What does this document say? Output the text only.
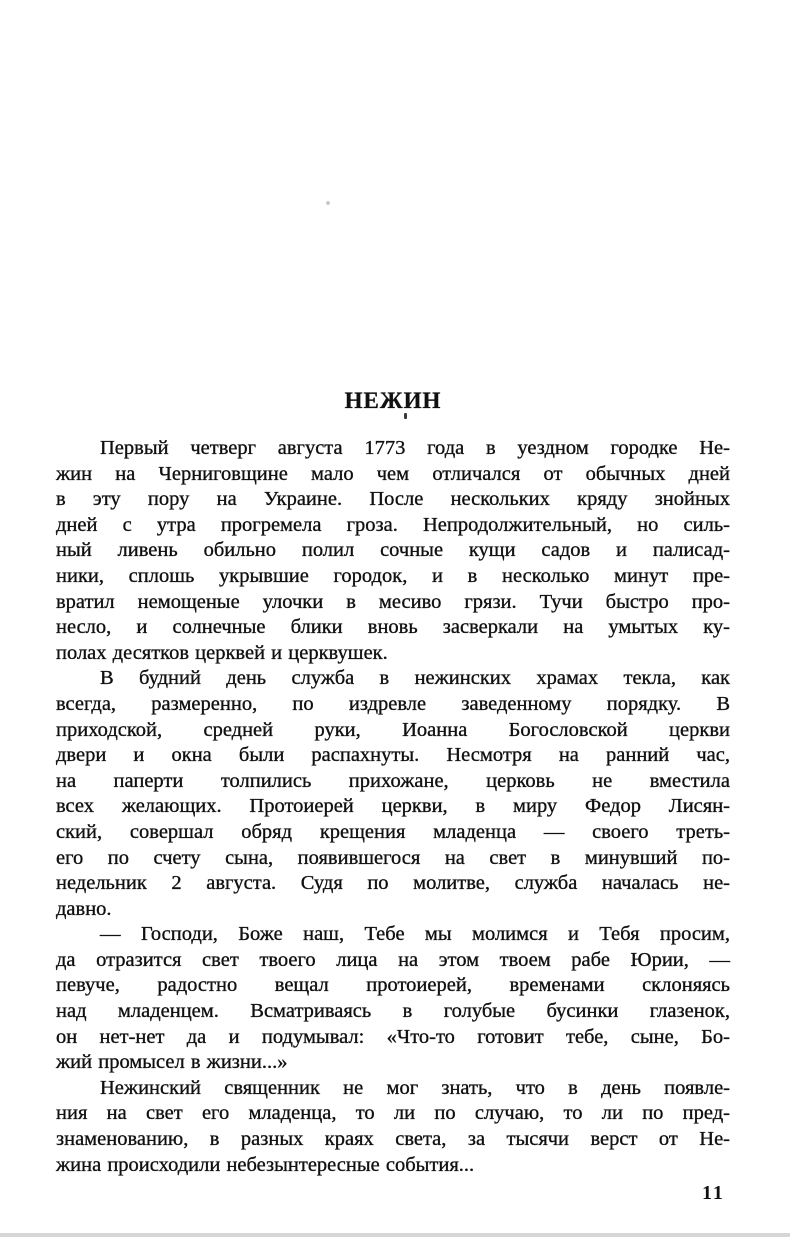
НЕЖИН
Первый четверг августа 1773 года в уездном городке Не-
жин на Черниговщине мало чем отличался от обычных дней
в эту пору на Украине. После нескольких кряду знойных
дней с утра прогремела гроза. Непродолжительный, но силь-
ный ливень обильно полил сочные кущи садов и палисад-
ники, сплошь укрывшие городок, и в несколько минут пре-
вратил немощеные улочки в месиво грязи. Тучи быстро про-
несло, и солнечные блики вновь засверкали на умытых ку-
полах десятков церквей и церквушек.
В будний день служба в нежинских храмах текла, как
всегда, размеренно, по издревле заведенному порядку. В
приходской, средней руки, Иоанна Богословской церкви
двери и окна были распахнуты. Несмотря на ранний час,
на паперти толпились прихожане, церковь не вместила
всех желающих. Протоиерей церкви, в миру Федор Лисян-
ский, совершал обряд крещения младенца — своего треть-
его по счету сына, появившегося на свет в минувший по-
недельник 2 августа. Судя по молитве, служба началась не-
давно.
— Господи, Боже наш, Тебе мы молимся и Тебя просим,
да отразится свет твоего лица на этом твоем рабе Юрии, —
певуче, радостно вещал протоиерей, временами склоняясь
над младенцем. Всматриваясь в голубые бусинки глазенок,
он нет-нет да и подумывал: «Что-то готовит тебе, сыне, Бо-
жий промысел в жизни...»
Нежинский священник не мог знать, что в день появле-
ния на свет его младенца, то ли по случаю, то ли по пред-
знаменованию, в разных краях света, за тысячи верст от Не-
жина происходили небезынтересные события...
11
